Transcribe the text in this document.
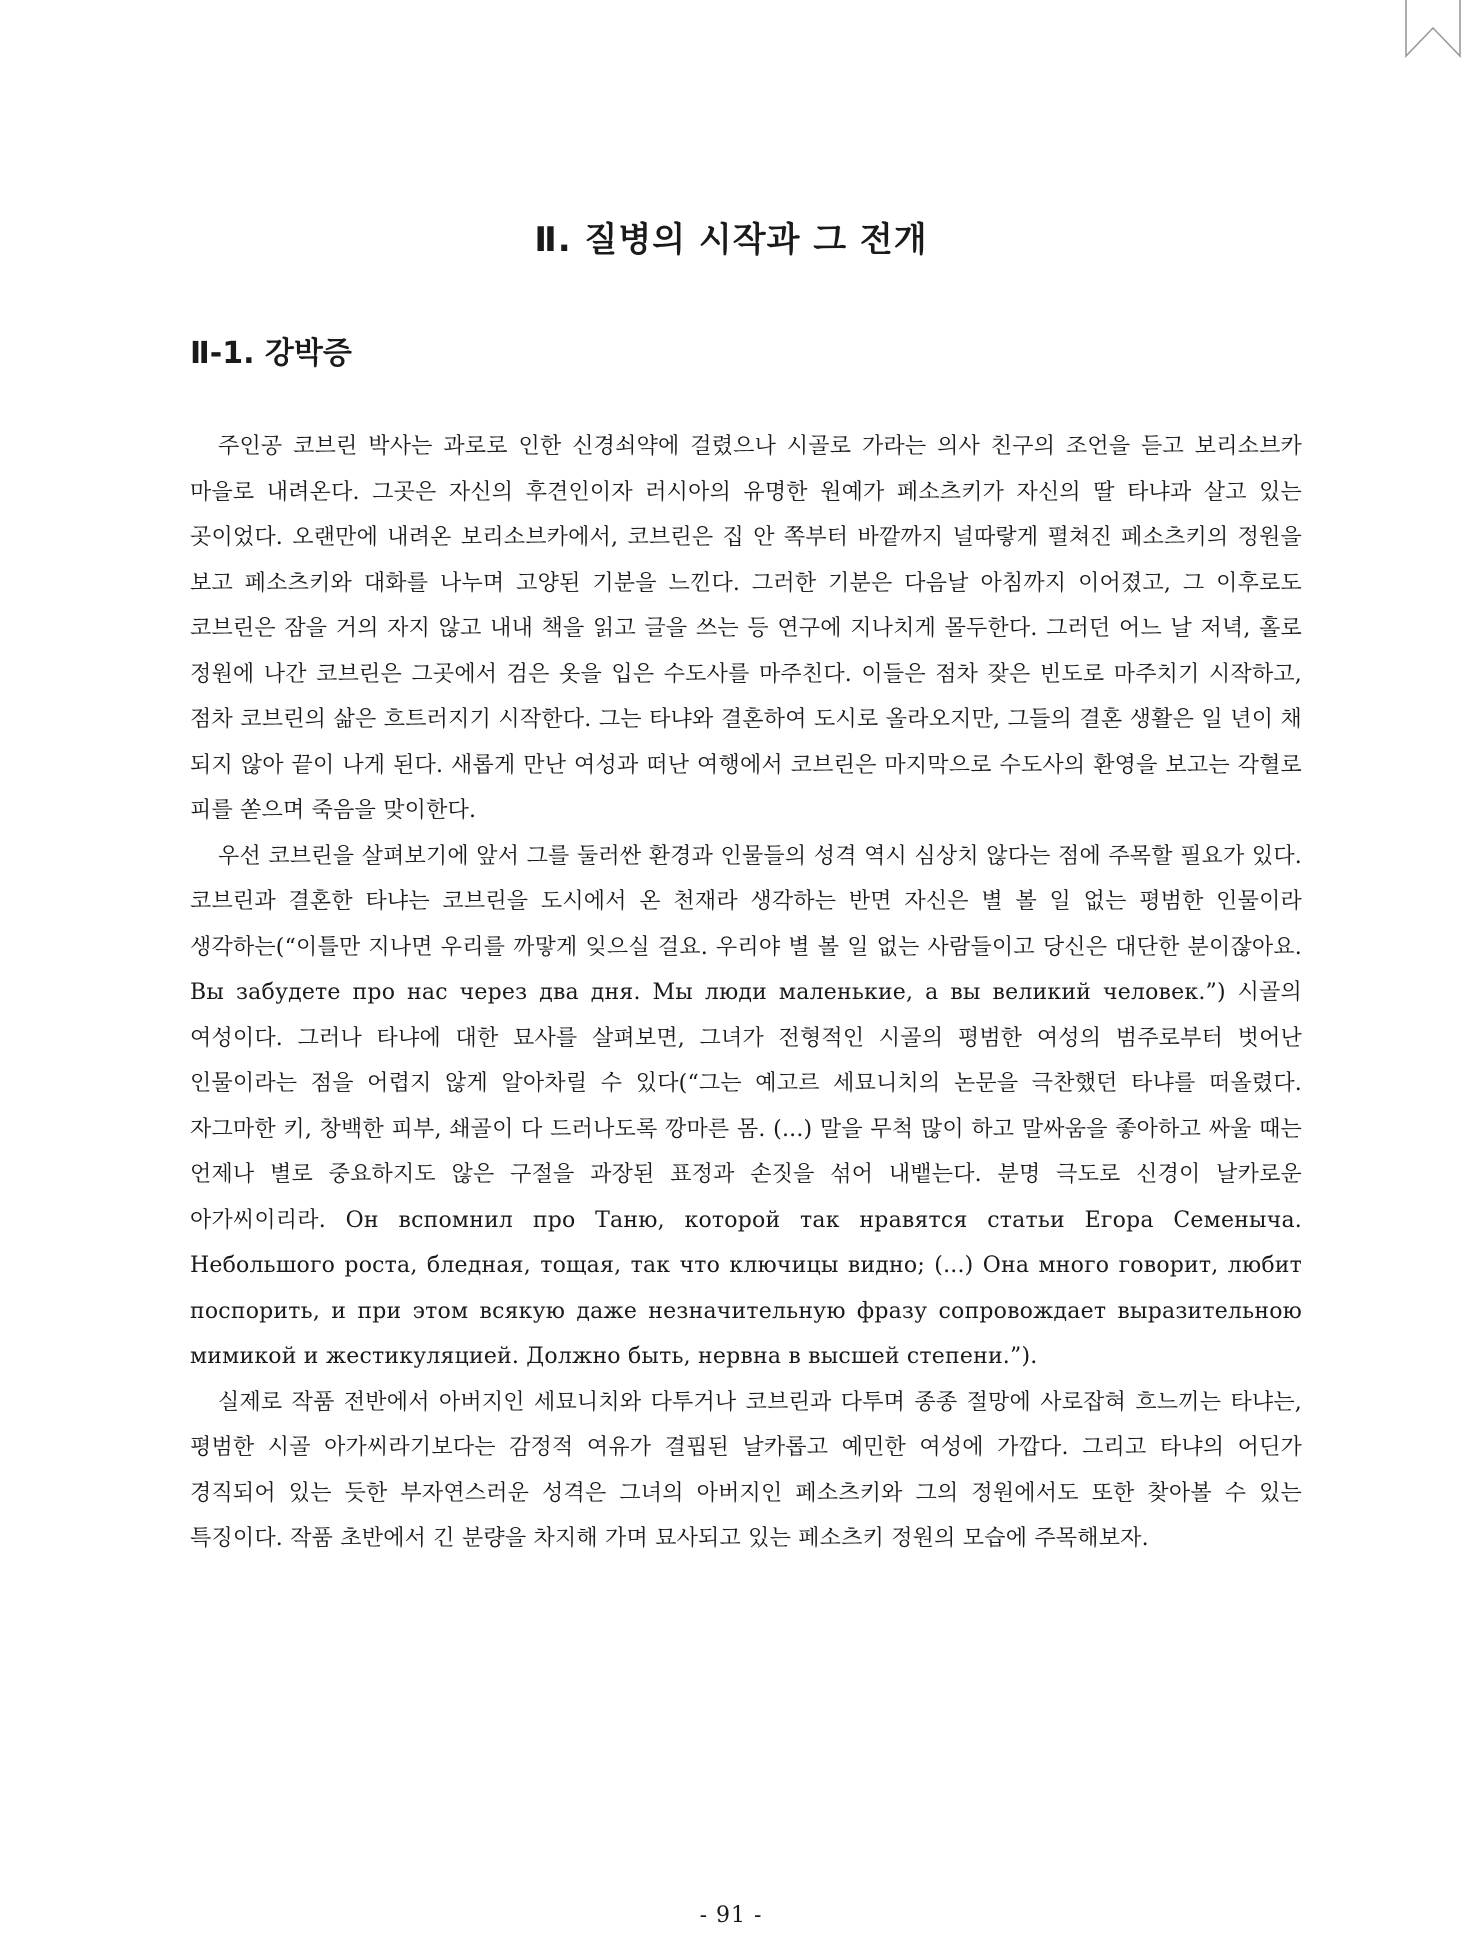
Ⅱ. 질병의 시작과 그 전개
Ⅱ-1. 강박증

주인공 코브린 박사는 과로로 인한 신경쇠약에 걸렸으나 시골로 가라는 의사 친구의 조언을 듣고 보리소브카 마을로 내려온다. 그곳은 자신의 후견인이자 러시아의 유명한 원예가 페소츠키가 자신의 딸 타냐과 살고 있는 곳이었다. 오랜만에 내려온 보리소브카에서, 코브린은 집 안 쪽부터 바깥까지 널따랗게 펼쳐진 페소츠키의 정원을 보고 페소츠키와 대화를 나누며 고양된 기분을 느낀다. 그러한 기분은 다음날 아침까지 이어졌고, 그 이후로도 코브린은 잠을 거의 자지 않고 내내 책을 읽고 글을 쓰는 등 연구에 지나치게 몰두한다. 그러던 어느 날 저녁, 홀로 정원에 나간 코브린은 그곳에서 검은 옷을 입은 수도사를 마주친다. 이들은 점차 잦은 빈도로 마주치기 시작하고, 점차 코브린의 삶은 흐트러지기 시작한다. 그는 타냐와 결혼하여 도시로 올라오지만, 그들의 결혼 생활은 일 년이 채 되지 않아 끝이 나게 된다. 새롭게 만난 여성과 떠난 여행에서 코브린은 마지막으로 수도사의 환영을 보고는 각혈로 피를 쏟으며 죽음을 맞이한다.

우선 코브린을 살펴보기에 앞서 그를 둘러싼 환경과 인물들의 성격 역시 심상치 않다는 점에 주목할 필요가 있다. 코브린과 결혼한 타냐는 코브린을 도시에서 온 천재라 생각하는 반면 자신은 별 볼 일 없는 평범한 인물이라 생각하는(“이틀만 지나면 우리를 까맣게 잊으실 걸요. 우리야 별 볼 일 없는 사람들이고 당신은 대단한 분이잖아요. Вы забудете про нас через два дня. Мы люди маленькие, а вы великий человек.”) 시골의 여성이다. 그러나 타냐에 대한 묘사를 살펴보면, 그녀가 전형적인 시골의 평범한 여성의 범주로부터 벗어난 인물이라는 점을 어렵지 않게 알아차릴 수 있다(“그는 예고르 세묘니치의 논문을 극찬했던 타냐를 떠올렸다. 자그마한 키, 창백한 피부, 쇄골이 다 드러나도록 깡마른 몸. (...) 말을 무척 많이 하고 말싸움을 좋아하고 싸울 때는 언제나 별로 중요하지도 않은 구절을 과장된 표정과 손짓을 섞어 내뱉는다. 분명 극도로 신경이 날카로운 아가씨이리라. Он вспомнил про Таню, которой так нравятся статьи Егора Семеныча. Небольшого роста, бледная, тощая, так что ключицы видно; (...) Она много говорит, любит поспорить, и при этом всякую даже незначительную фразу сопровождает выразительною мимикой и жестикуляцией. Должно быть, нервна в высшей степени.”).

실제로 작품 전반에서 아버지인 세묘니치와 다투거나 코브린과 다투며 종종 절망에 사로잡혀 흐느끼는 타냐는, 평범한 시골 아가씨라기보다는 감정적 여유가 결핍된 날카롭고 예민한 여성에 가깝다. 그리고 타냐의 어딘가 경직되어 있는 듯한 부자연스러운 성격은 그녀의 아버지인 페소츠키와 그의 정원에서도 또한 찾아볼 수 있는 특징이다. 작품 초반에서 긴 분량을 차지해 가며 묘사되고 있는 페소츠키 정원의 모습에 주목해보자.

- 91 -
